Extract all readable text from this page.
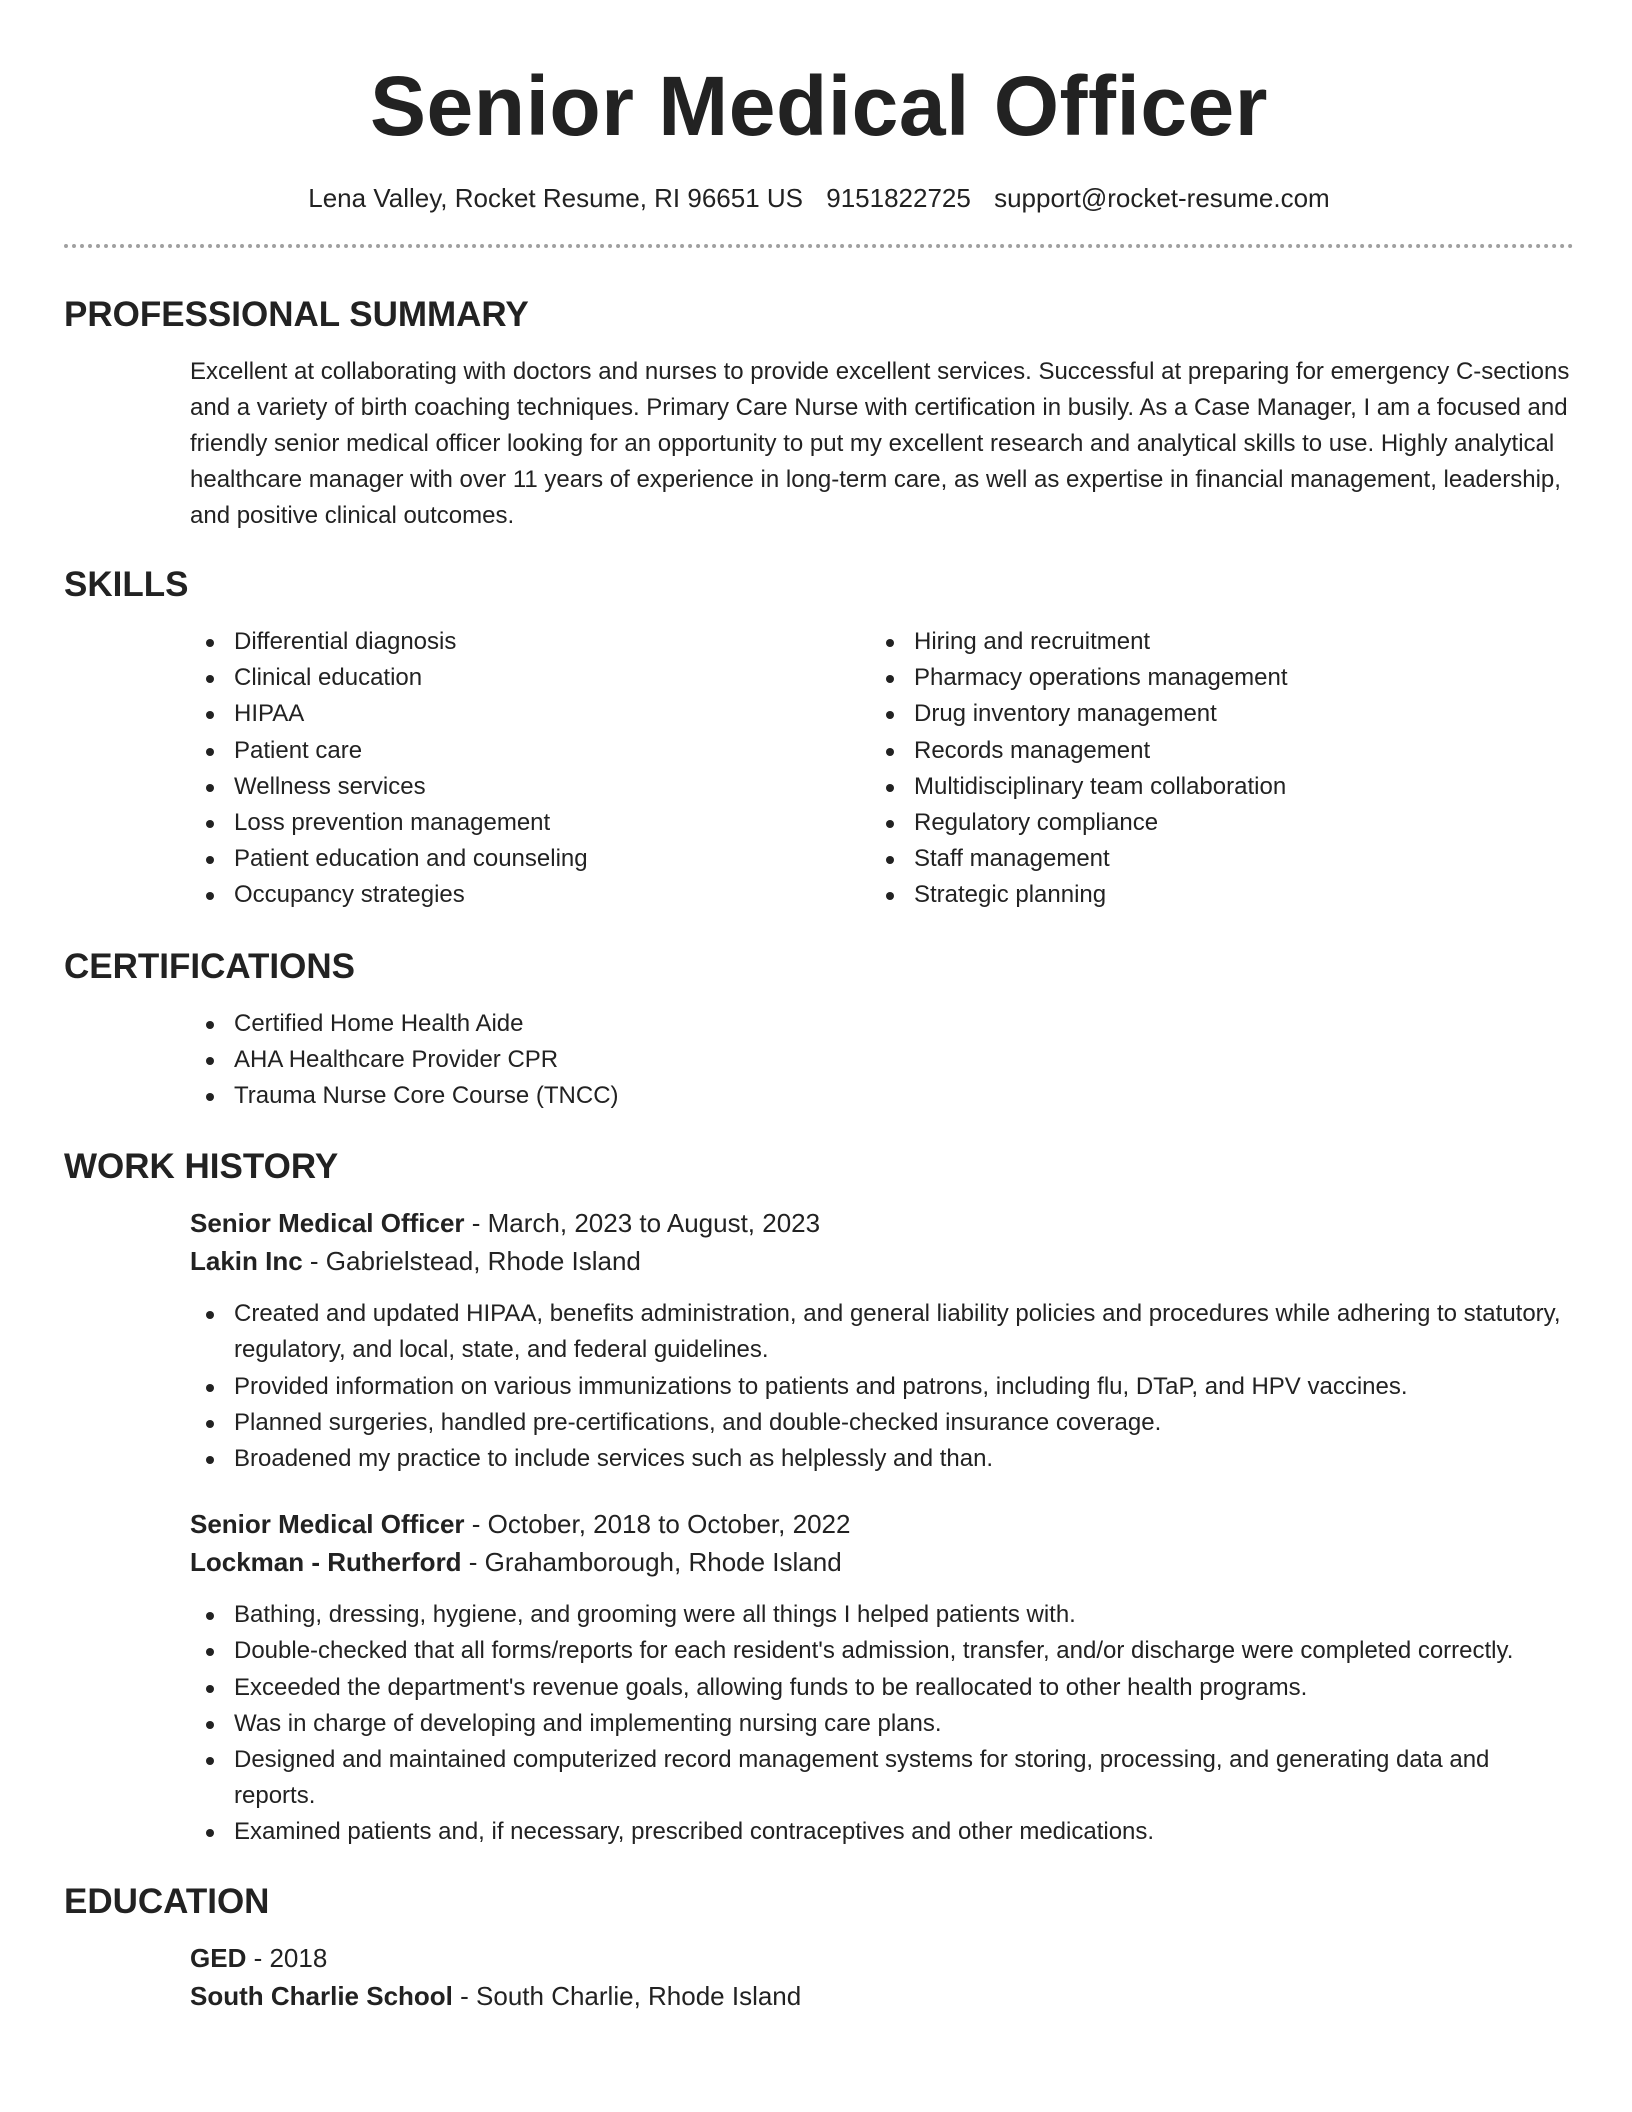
Senior Medical Officer
Lena Valley, Rocket Resume, RI 96651 US 9151822725 support@rocket-resume.com
PROFESSIONAL SUMMARY
Excellent at collaborating with doctors and nurses to provide excellent services. Successful at preparing for emergency C-sections and a variety of birth coaching techniques. Primary Care Nurse with certification in busily. As a Case Manager, I am a focused and friendly senior medical officer looking for an opportunity to put my excellent research and analytical skills to use. Highly analytical healthcare manager with over 11 years of experience in long-term care, as well as expertise in financial management, leadership, and positive clinical outcomes.
SKILLS
Differential diagnosis
Clinical education
HIPAA
Patient care
Wellness services
Loss prevention management
Patient education and counseling
Occupancy strategies
Hiring and recruitment
Pharmacy operations management
Drug inventory management
Records management
Multidisciplinary team collaboration
Regulatory compliance
Staff management
Strategic planning
CERTIFICATIONS
Certified Home Health Aide
AHA Healthcare Provider CPR
Trauma Nurse Core Course (TNCC)
WORK HISTORY
Senior Medical Officer - March, 2023 to August, 2023
Lakin Inc - Gabrielstead, Rhode Island
Created and updated HIPAA, benefits administration, and general liability policies and procedures while adhering to statutory, regulatory, and local, state, and federal guidelines.
Provided information on various immunizations to patients and patrons, including flu, DTaP, and HPV vaccines.
Planned surgeries, handled pre-certifications, and double-checked insurance coverage.
Broadened my practice to include services such as helplessly and than.
Senior Medical Officer - October, 2018 to October, 2022
Lockman - Rutherford - Grahamborough, Rhode Island
Bathing, dressing, hygiene, and grooming were all things I helped patients with.
Double-checked that all forms/reports for each resident's admission, transfer, and/or discharge were completed correctly.
Exceeded the department's revenue goals, allowing funds to be reallocated to other health programs.
Was in charge of developing and implementing nursing care plans.
Designed and maintained computerized record management systems for storing, processing, and generating data and reports.
Examined patients and, if necessary, prescribed contraceptives and other medications.
EDUCATION
GED - 2018
South Charlie School - South Charlie, Rhode Island
